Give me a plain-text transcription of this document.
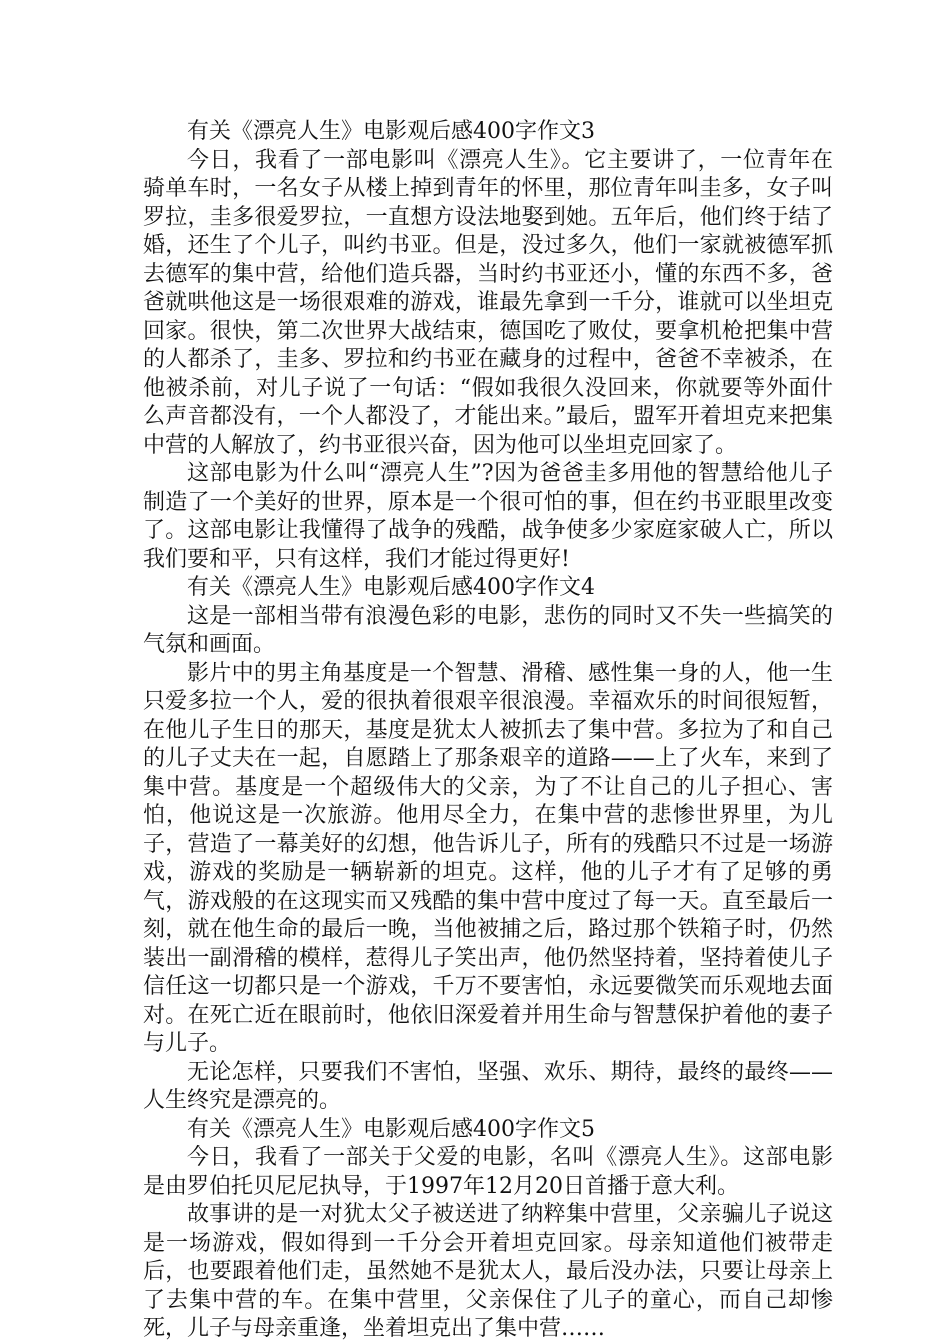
有关《漂亮人生》电影观后感400字作文3

今日，我看了一部电影叫《漂亮人生》。它主要讲了，一位青年在骑单车时，一名女子从楼上掉到青年的怀里，那位青年叫圭多，女子叫罗拉，圭多很爱罗拉，一直想方设法地娶到她。五年后，他们终于结了婚，还生了个儿子，叫约书亚。但是，没过多久，他们一家就被德军抓去德军的集中营，给他们造兵器，当时约书亚还小，懂的东西不多，爸爸就哄他这是一场很艰难的游戏，谁最先拿到一千分，谁就可以坐坦克回家。很快，第二次世界大战结束，德国吃了败仗，要拿机枪把集中营的人都杀了，圭多、罗拉和约书亚在藏身的过程中，爸爸不幸被杀，在他被杀前，对儿子说了一句话：“假如我很久没回来，你就要等外面什么声音都没有，一个人都没了，才能出来。”最后，盟军开着坦克来把集中营的人解放了，约书亚很兴奋，因为他可以坐坦克回家了。

这部电影为什么叫“漂亮人生”?因为爸爸圭多用他的智慧给他儿子制造了一个美好的世界，原本是一个很可怕的事，但在约书亚眼里改变了。这部电影让我懂得了战争的残酷，战争使多少家庭家破人亡，所以我们要和平，只有这样，我们才能过得更好!

有关《漂亮人生》电影观后感400字作文4

这是一部相当带有浪漫色彩的电影，悲伤的同时又不失一些搞笑的气氛和画面。

影片中的男主角基度是一个智慧、滑稽、感性集一身的人，他一生只爱多拉一个人，爱的很执着很艰辛很浪漫。幸福欢乐的时间很短暂，在他儿子生日的那天，基度是犹太人被抓去了集中营。多拉为了和自己的儿子丈夫在一起，自愿踏上了那条艰辛的道路——上了火车，来到了集中营。基度是一个超级伟大的父亲，为了不让自己的儿子担心、害怕，他说这是一次旅游。他用尽全力，在集中营的悲惨世界里，为儿子，营造了一幕美好的幻想，他告诉儿子，所有的残酷只不过是一场游戏，游戏的奖励是一辆崭新的坦克。这样，他的儿子才有了足够的勇气，游戏般的在这现实而又残酷的集中营中度过了每一天。直至最后一刻，就在他生命的最后一晚，当他被捕之后，路过那个铁箱子时，仍然装出一副滑稽的模样，惹得儿子笑出声，他仍然坚持着，坚持着使儿子信任这一切都只是一个游戏，千万不要害怕，永远要微笑而乐观地去面对。在死亡近在眼前时，他依旧深爱着并用生命与智慧保护着他的妻子与儿子。

无论怎样，只要我们不害怕，坚强、欢乐、期待，最终的最终——人生终究是漂亮的。

有关《漂亮人生》电影观后感400字作文5

今日，我看了一部关于父爱的电影，名叫《漂亮人生》。这部电影是由罗伯托贝尼尼执导，于1997年12月20日首播于意大利。

故事讲的是一对犹太父子被送进了纳粹集中营里，父亲骗儿子说这是一场游戏，假如得到一千分会开着坦克回家。母亲知道他们被带走后，也要跟着他们走，虽然她不是犹太人，最后没办法，只要让母亲上了去集中营的车。在集中营里，父亲保住了儿子的童心，而自己却惨死，儿子与母亲重逢，坐着坦克出了集中营……
